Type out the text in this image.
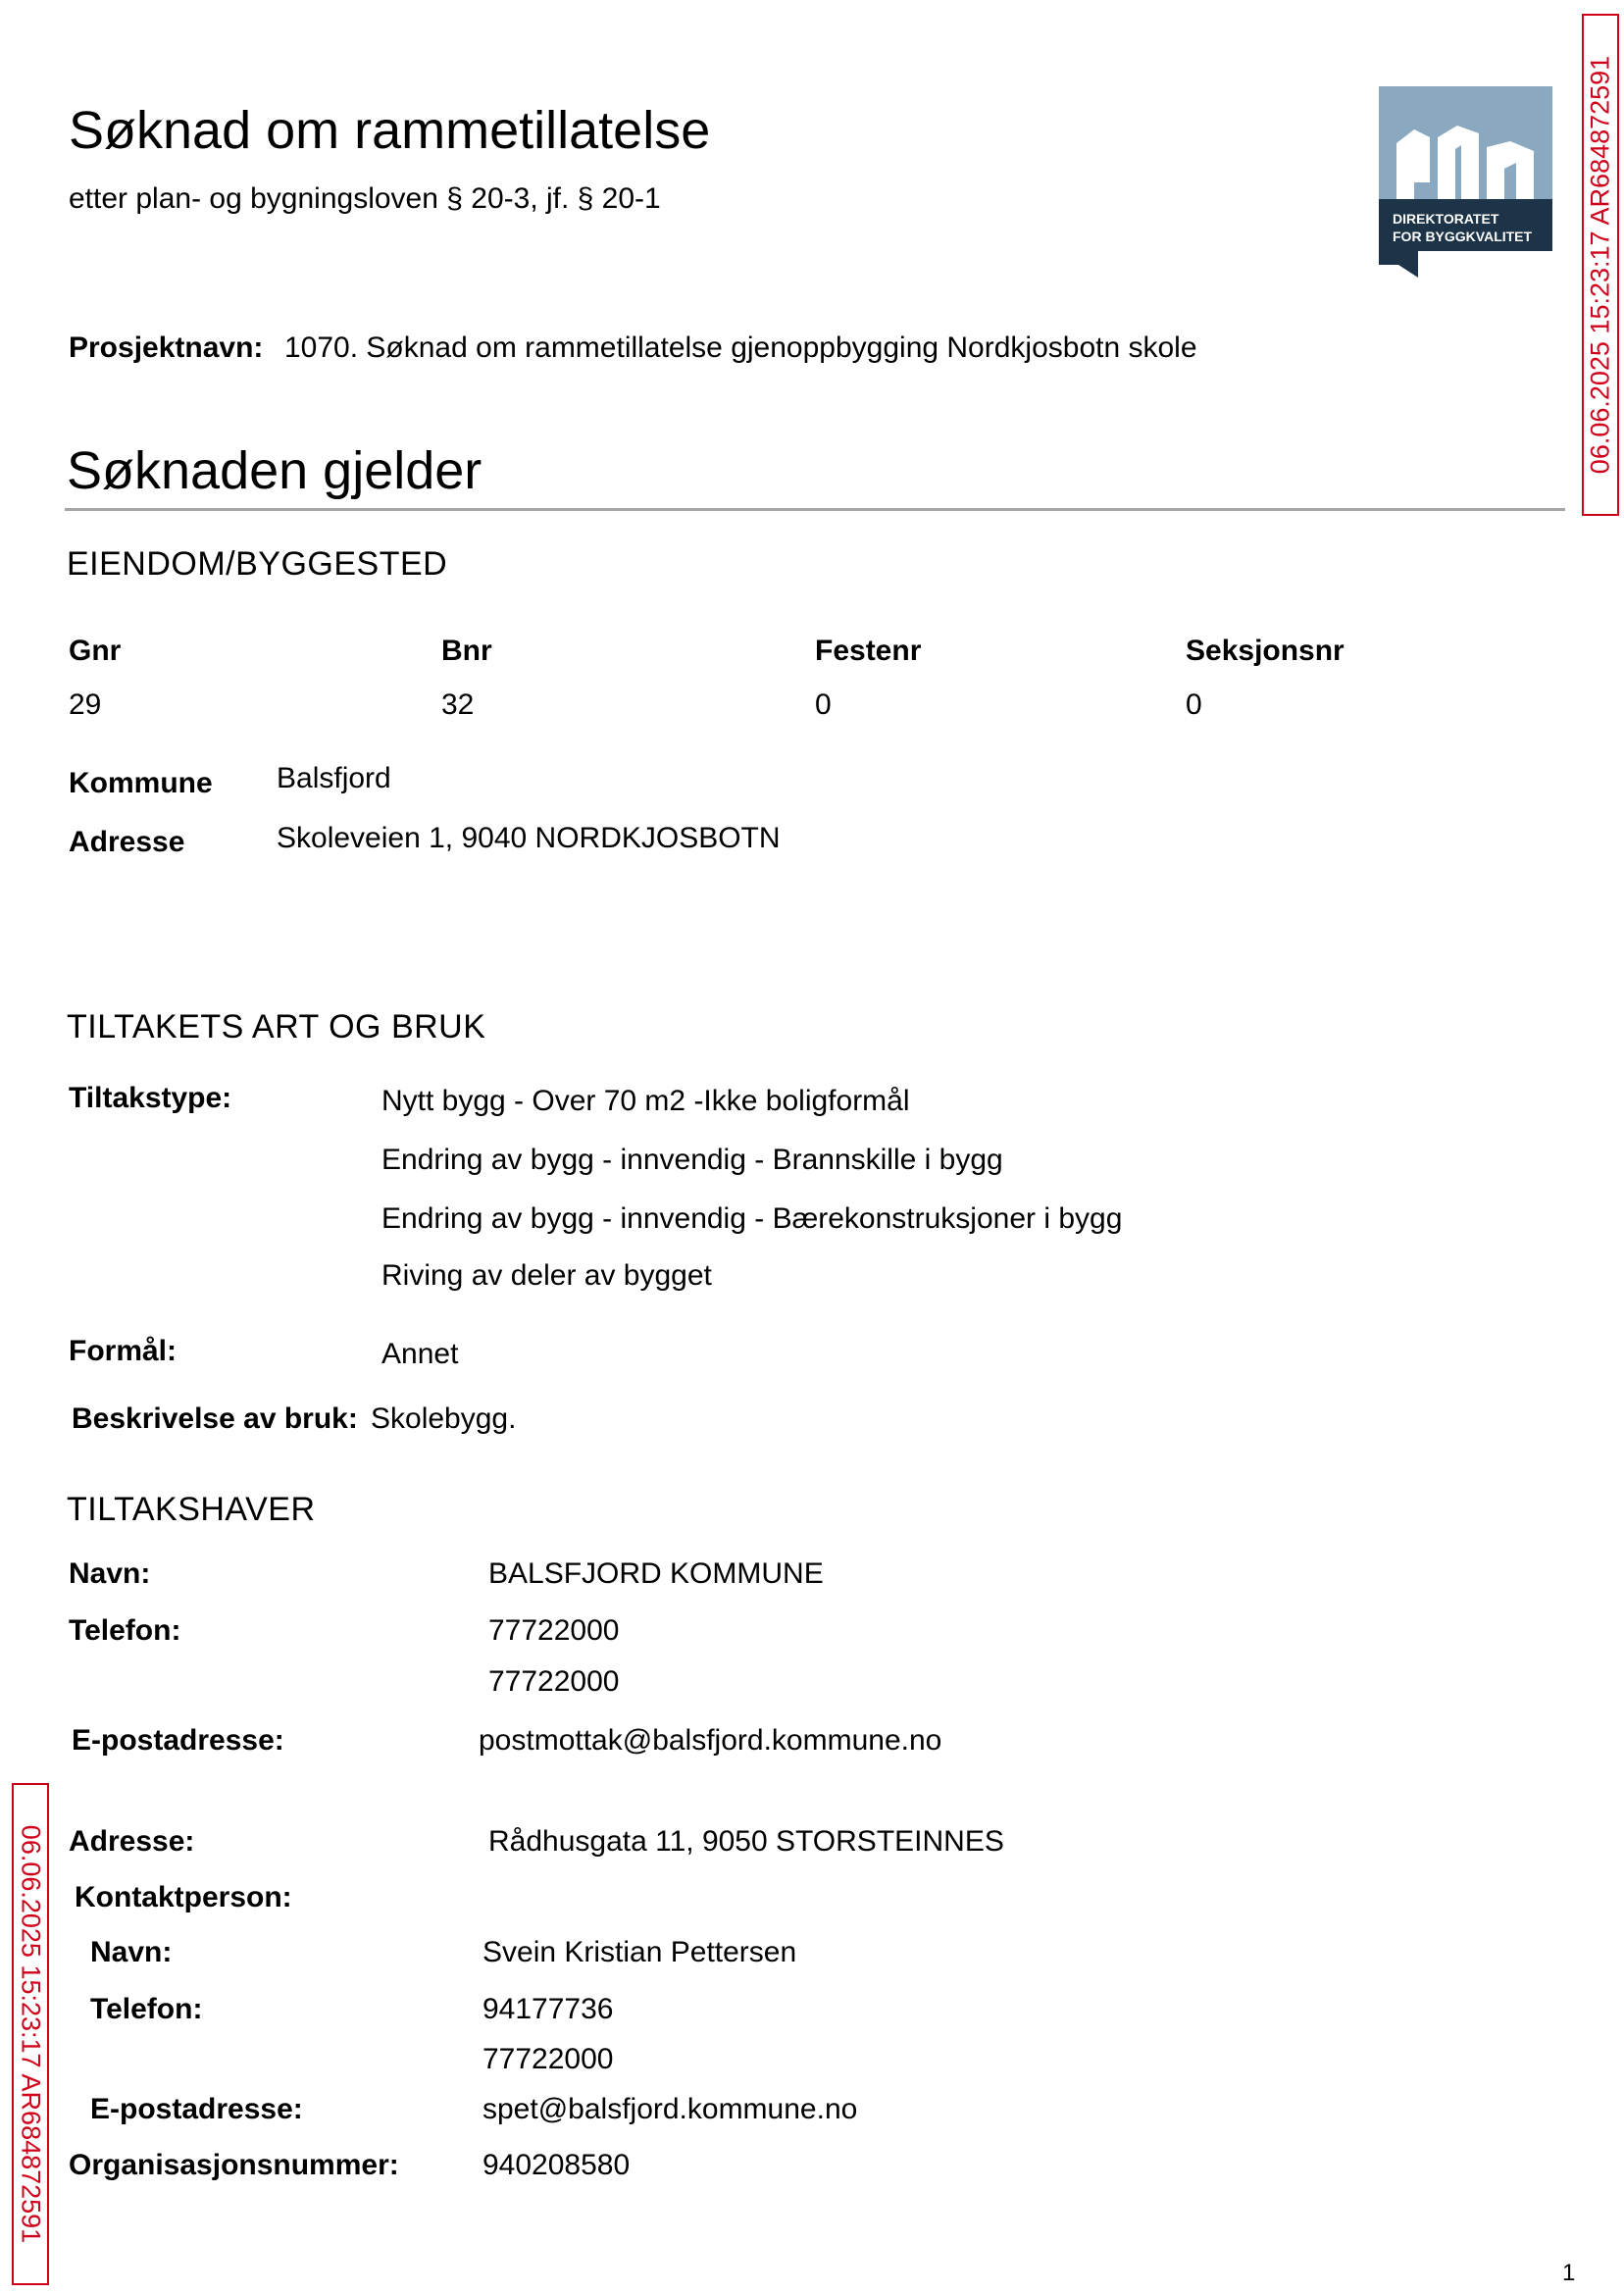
Søknad om rammetillatelse
etter plan- og bygningsloven § 20-3, jf. § 20-1
DIREKTORATET
FOR BYGGKVALITET 06.06.2025 15:23:17 AR684872591
06.06.2025 15:23:17 AR684872591
Prosjektnavn: 1070. Søknad om rammetillatelse gjenoppbygging Nordkjosbotn skole
Søknaden gjelder
EIENDOM/BYGGESTED
Gnr	Bnr	Festenr	Seksjonsnr
29	32	0	0
Kommune Balsfjord
Adresse	Skoleveien 1, 9040 NORDKJOSBOTN
TILTAKETS ART OG BRUK
Tiltakstype:	Nytt bygg - Over 70 m2 -Ikke boligformål
Endring av bygg - innvendig - Brannskille i bygg
Endring av bygg - innvendig - Bærekonstruksjoner i bygg
Riving av deler av bygget
Formål:	Annet
Beskrivelse av bruk: Skolebygg.
TILTAKSHAVER
Navn:	BALSFJORD KOMMUNE
Telefon:	77722000
77722000
E-postadresse:	postmottak@balsfjord.kommune.no
Adresse:	Rådhusgata 11, 9050 STORSTEINNES
Kontaktperson:
Navn:	Svein Kristian Pettersen
Telefon:	94177736
77722000
E-postadresse:	spet@balsfjord.kommune.no
Organisasjonsnummer:	940208580
1
